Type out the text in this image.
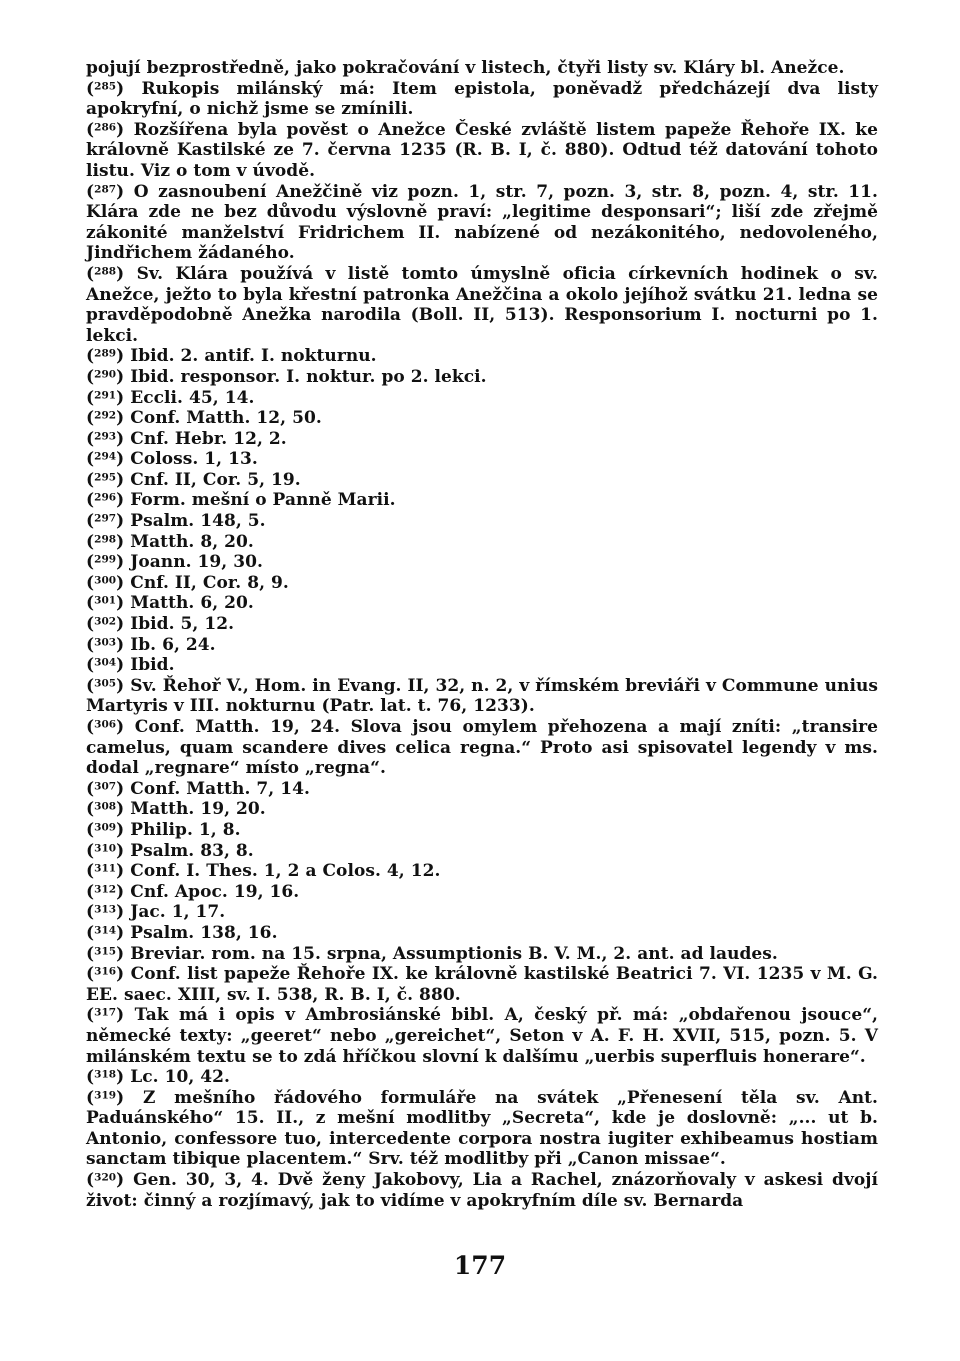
pojují bezprostředně, jako pokračování v listech, čtyři listy sv. Kláry bl. Anežce.

($^{285}$) Rukopis milánský má: Item epistola, poněvadž předcházejí dva listy apokryfní, o nichž jsme se zmínili.

($^{286}$) Rozšířena byla pověst o Anežce České zvláště listem papeže Řehoře IX. ke královně Kastilské ze 7. června 1235 (R. B. I, č. 880). Odtud též datování tohoto listu. Viz o tom v úvodě.

($^{287}$) O zasnoubení Anežčině viz pozn. 1, str. 7, pozn. 3, str. 8, pozn. 4, str. 11. Klára zde ne bez důvodu výslovně praví: „legitime desponsari“; liší zde zřejmě zákonité manželství Fridrichem II. nabízené od nezákonitého, nedovoleného, Jindřichem žádaného.

($^{288}$) Sv. Klára používá v listě tomto úmyslně oficia církevních hodinek o sv. Anežce, ježto to byla křestní patronka Anežčina a okolo jejíhož svátku 21. ledna se pravděpodobně Anežka narodila (Boll. II, 513). Responsorium I. nocturni po 1. lekci.

($^{289}$) Ibid. 2. antif. I. nokturnu.

($^{290}$) Ibid. responsor. I. noktur. po 2. lekci.

($^{291}$) Eccli. 45, 14.

($^{292}$) Conf. Matth. 12, 50.

($^{293}$) Cnf. Hebr. 12, 2.

($^{294}$) Coloss. 1, 13.

($^{295}$) Cnf. II, Cor. 5, 19.

($^{296}$) Form. mešní o Panně Marii.

($^{297}$) Psalm. 148, 5.

($^{298}$) Matth. 8, 20.

($^{299}$) Joann. 19, 30.

($^{300}$) Cnf. II, Cor. 8, 9.

($^{301}$) Matth. 6, 20.

($^{302}$) Ibid. 5, 12.

($^{303}$) Ib. 6, 24.

($^{304}$) Ibid.

($^{305}$) Sv. Řehoř V., Hom. in Evang. II, 32, n. 2, v římském breviáři v Commune unius Martyris v III. nokturnu (Patr. lat. t. 76, 1233).

($^{306}$) Conf. Matth. 19, 24. Slova jsou omylem přehozena a mají zníti: „transire camelus, quam scandere dives celica regna.“ Proto asi spisovatel legendy v ms. dodal „regnare“ místo „regna“.

($^{307}$) Conf. Matth. 7, 14.

($^{308}$) Matth. 19, 20.

($^{309}$) Philip. 1, 8.

($^{310}$) Psalm. 83, 8.

($^{311}$) Conf. I. Thes. 1, 2 a Colos. 4, 12.

($^{312}$) Cnf. Apoc. 19, 16.

($^{313}$) Jac. 1, 17.

($^{314}$) Psalm. 138, 16.

($^{315}$) Breviar. rom. na 15. srpna, Assumptionis B. V. M., 2. ant. ad laudes.

($^{316}$) Conf. list papeže Řehoře IX. ke královně kastilské Beatrici 7. VI. 1235 v M. G. EE. saec. XIII, sv. I. 538, R. B. I, č. 880.

($^{317}$) Tak má i opis v Ambrosiánské bibl. A, český př. má: „obdařenou jsoucе“, německé texty: „geeret“ nebo „gereichet“, Seton v A. F. H. XVII, 515, pozn. 5. V milánském textu se to zdá hříčkou slovní k dalšímu „uerbis superfluis honerare“.

($^{318}$) Lc. 10, 42.

($^{319}$) Z mešního řádového formuláře na svátek „Přenesení těla sv. Ant. Paduánského“ 15. II., z mešní modlitby „Secreta“, kde je doslovně: „... ut b. Antonio, confessore tuo, intercedente corpora nostra iugiter exhibeamus hostiam sanctam tibique placentem.“ Srv. též modlitby při „Canon missae“.

($^{320}$) Gen. 30, 3, 4. Dvě ženy Jakobovy, Lia a Rachel, znázorňovaly v askesi dvojí život: činný a rozjímavý, jak to vidíme v apokryfním díle sv. Bernarda

177
